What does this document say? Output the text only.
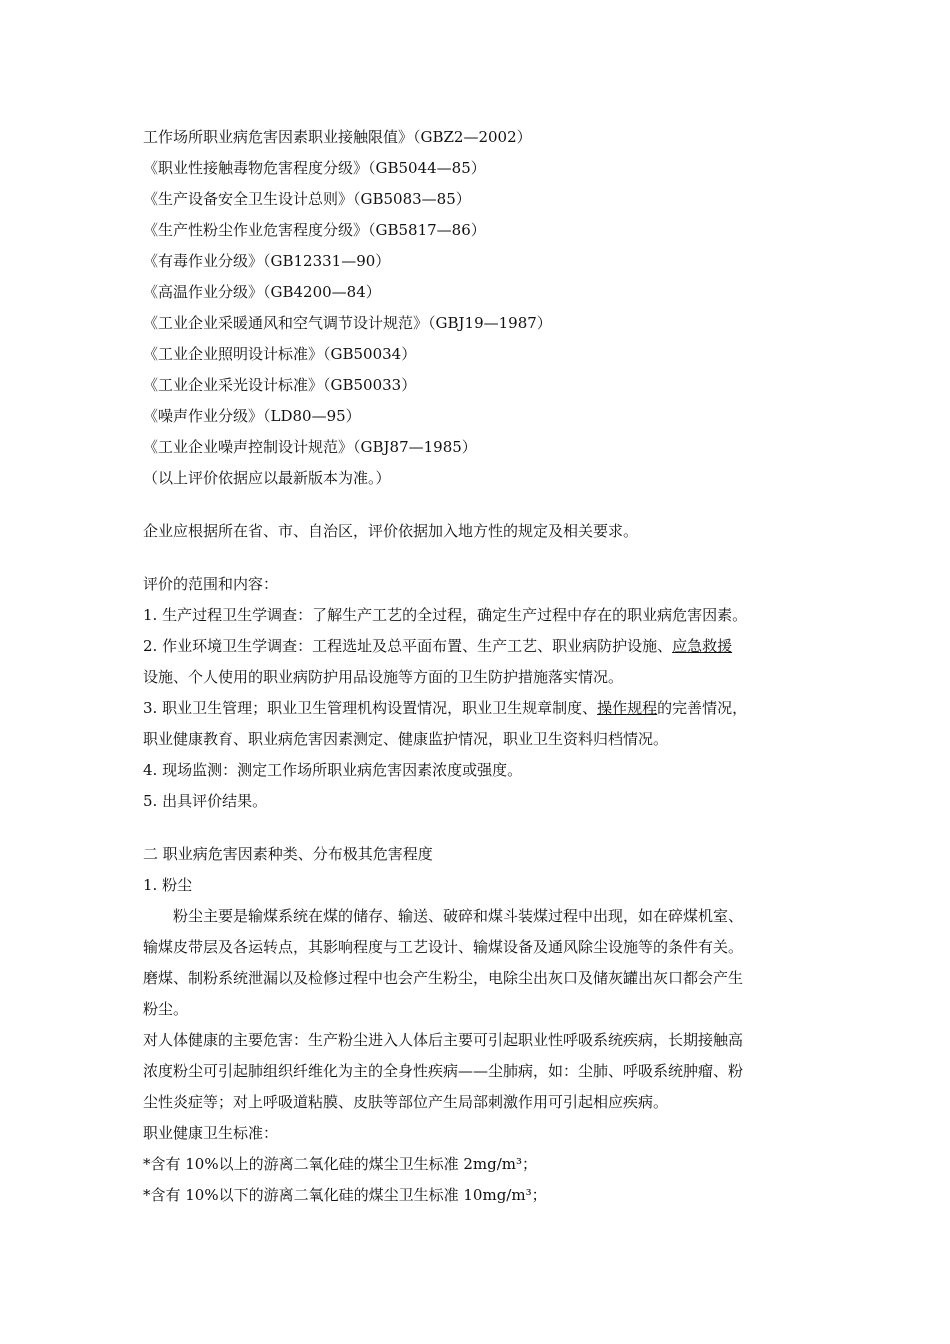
工作场所职业病危害因素职业接触限值》（GBZ2—2002）
《职业性接触毒物危害程度分级》（GB5044—85）
《生产设备安全卫生设计总则》（GB5083—85）
《生产性粉尘作业危害程度分级》（GB5817—86）
《有毒作业分级》（GB12331—90）
《高温作业分级》（GB4200—84）
《工业企业采暖通风和空气调节设计规范》（GBJ19—1987）
《工业企业照明设计标准》（GB50034）
《工业企业采光设计标准》（GB50033）
《噪声作业分级》（LD80—95）
《工业企业噪声控制设计规范》（GBJ87—1985）
（以上评价依据应以最新版本为准。）
企业应根据所在省、市、自治区，评价依据加入地方性的规定及相关要求。
评价的范围和内容：
1. 生产过程卫生学调查：了解生产工艺的全过程，确定生产过程中存在的职业病危害因素。
2. 作业环境卫生学调查：工程选址及总平面布置、生产工艺、职业病防护设施、应急救援
设施、个人使用的职业病防护用品设施等方面的卫生防护措施落实情况。
3. 职业卫生管理；职业卫生管理机构设置情况，职业卫生规章制度、操作规程的完善情况，
职业健康教育、职业病危害因素测定、健康监护情况，职业卫生资料归档情况。
4. 现场监测：测定工作场所职业病危害因素浓度或强度。
5. 出具评价结果。
二 职业病危害因素种类、分布极其危害程度
1. 粉尘
粉尘主要是输煤系统在煤的储存、输送、破碎和煤斗装煤过程中出现，如在碎煤机室、
输煤皮带层及各运转点，其影响程度与工艺设计、输煤设备及通风除尘设施等的条件有关。
磨煤、制粉系统泄漏以及检修过程中也会产生粉尘，电除尘出灰口及储灰罐出灰口都会产生
粉尘。
对人体健康的主要危害：生产粉尘进入人体后主要可引起职业性呼吸系统疾病，长期接触高
浓度粉尘可引起肺组织纤维化为主的全身性疾病——尘肺病，如：尘肺、呼吸系统肿瘤、粉
尘性炎症等；对上呼吸道粘膜、皮肤等部位产生局部刺激作用可引起相应疾病。
职业健康卫生标准：
*含有 10%以上的游离二氧化硅的煤尘卫生标准 2mg/m³；
*含有 10%以下的游离二氧化硅的煤尘卫生标准 10mg/m³；
